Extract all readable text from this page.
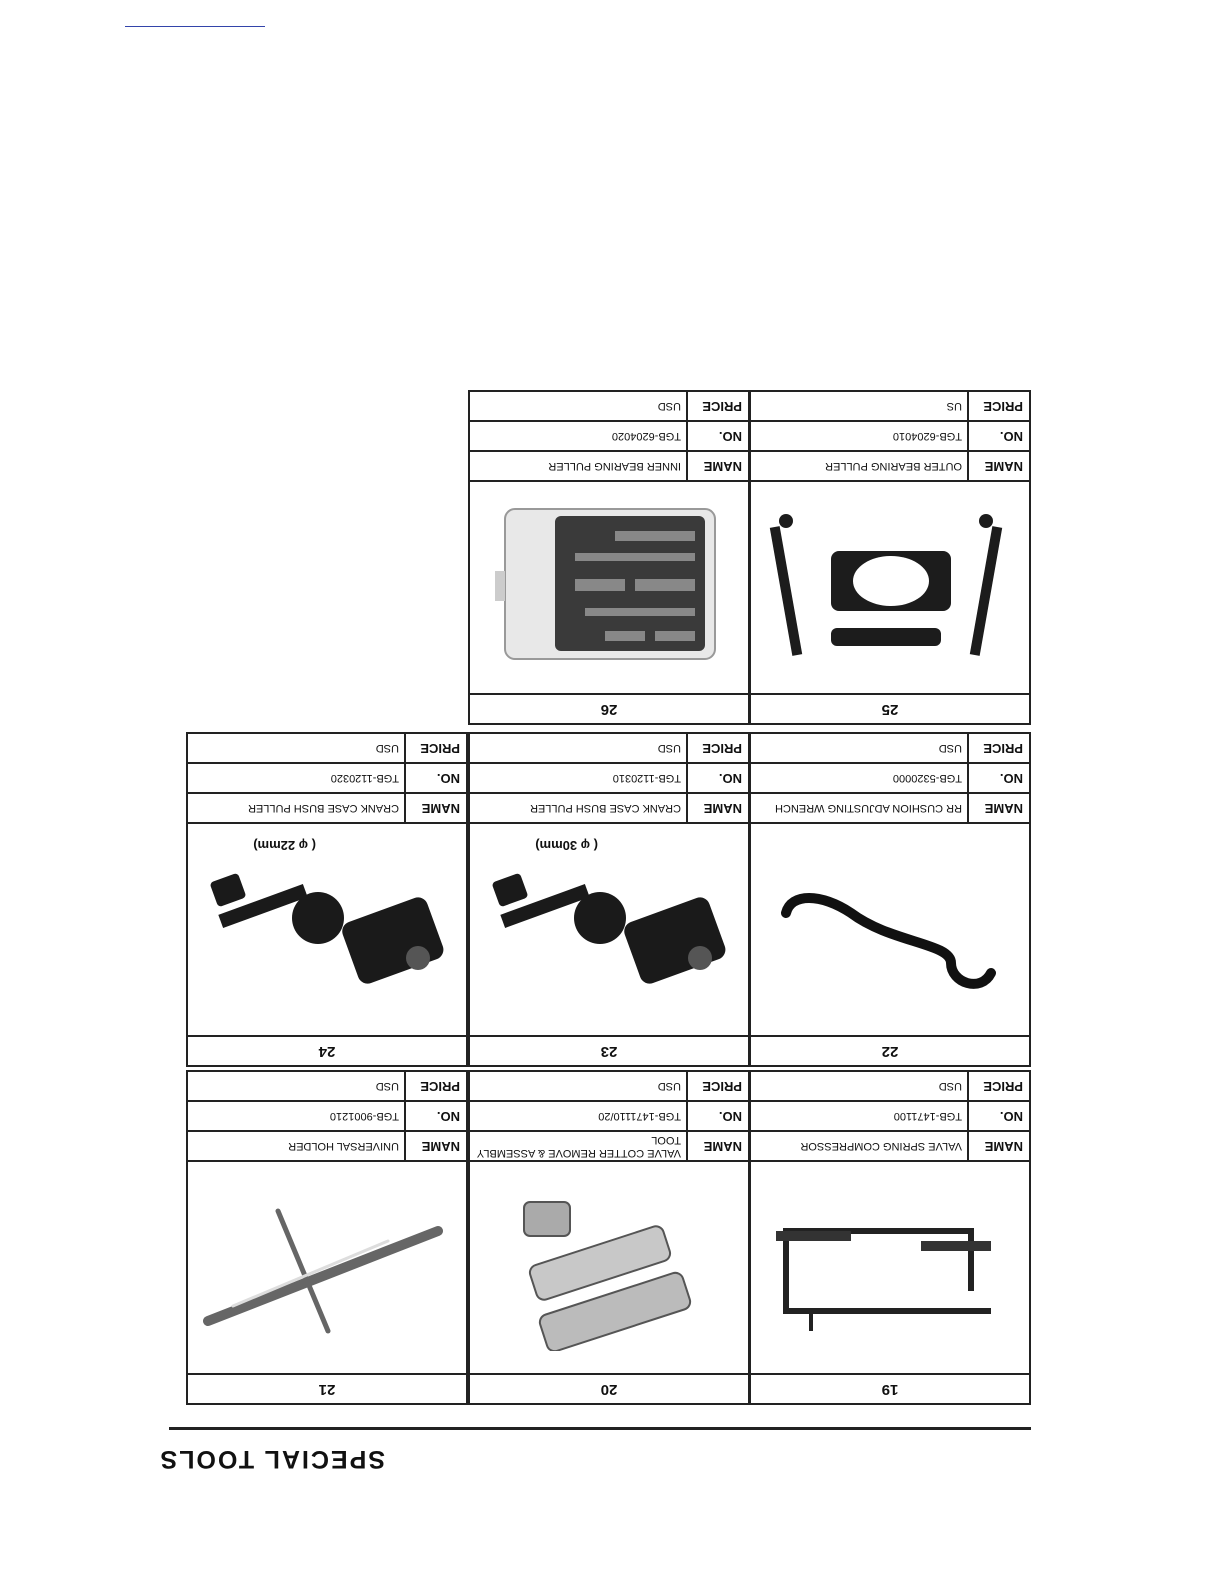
SPECIAL TOOLS
19
NAME
VALVE SPRING COMPRESSOR
NO.
TGB-1471100
PRICE
USD
20
NAME
VALVE COTTER REMOVE & ASSEMBLY TOOL
NO.
TGB-1471110/20
PRICE
USD
21
NAME
UNIVERSAL HOLDER
NO.
TGB-9001210
PRICE
USD
22
NAME
RR CUSHION ADJUSTING WRENCH
NO.
TGB-5320000
PRICE
USD
23
( φ 30mm)
NAME
CRANK CASE BUSH PULLER
NO.
TGB-1120310
PRICE
USD
24
( φ 22mm)
NAME
CRANK CASE BUSH PULLER
NO.
TGB-1120320
PRICE
USD
25
NAME
OUTER BEARING PULLER
NO.
TGB-6204010
PRICE
US
26
NAME
INNER BEARING PULLER
NO.
TGB-6204020
PRICE
USD
